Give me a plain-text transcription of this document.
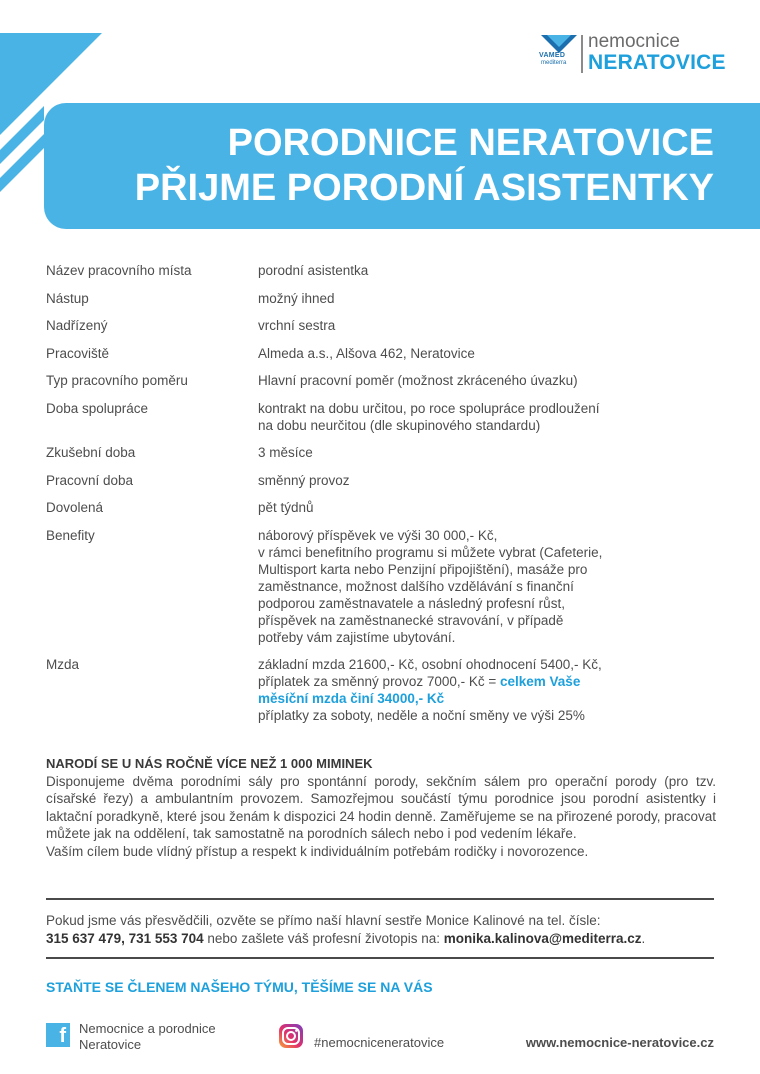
VAMED
mediterra
nemocnice
NERATOVICE
PORODNICE NERATOVICE
PŘIJME PORODNÍ ASISTENTKY
Název pracovního místa	porodní asistentka
Nástup	možný ihned
Nadřízený	vrchní sestra
Pracoviště	Almeda a.s., Alšova 462, Neratovice
Typ pracovního poměru	Hlavní pracovní poměr (možnost zkráceného úvazku)
Doba spolupráce	kontrakt na dobu určitou, po roce spolupráce prodloužení
na dobu neurčitou (dle skupinového standardu)
Zkušební doba	3 měsíce
Pracovní doba	směnný provoz
Dovolená	pět týdnů
Benefity	náborový příspěvek ve výši 30 000,- Kč,
v rámci benefitního programu si můžete vybrat (Cafeterie,
Multisport karta nebo Penzijní připojištění), masáže pro
zaměstnance, možnost dalšího vzdělávání s finanční
podporou zaměstnavatele a následný profesní růst,
příspěvek na zaměstnanecké stravování, v případě
potřeby vám zajistíme ubytování.
Mzda	základní mzda 21600,- Kč, osobní ohodnocení 5400,- Kč,
příplatek za směnný provoz 7000,- Kč = celkem Vaše
měsíční mzda činí 34000,- Kč
příplatky za soboty, neděle a noční směny ve výši 25%
NARODÍ SE U NÁS ROČNĚ VÍCE NEŽ 1 000 MIMINEK
Disponujeme dvěma porodními sály pro spontánní porody, sekčním sálem pro operační porody (pro tzv. císařské řezy) a ambulantním provozem. Samozřejmou součástí týmu porodnice jsou porodní asistentky i laktační poradkyně, které jsou ženám k dispozici 24 hodin denně. Zaměřujeme se na přirozené porody, pracovat můžete jak na oddělení, tak samostatně na porodních sálech nebo i pod vedením lékaře.
Vaším cílem bude vlídný přístup a respekt k individuálním potřebám rodičky i novorozence.
Pokud jsme vás přesvědčili, ozvěte se přímo naší hlavní sestře Monice Kalinové na tel. čísle:
315 637 479, 731 553 704 nebo zašlete váš profesní životopis na: monika.kalinova@mediterra.cz.
STAŇTE SE ČLENEM NAŠEHO TÝMU, TĚŠÍME SE NA VÁS
f Nemocnice a porodnice
Neratovice	#nemocniceneratovice	www.nemocnice-neratovice.cz
